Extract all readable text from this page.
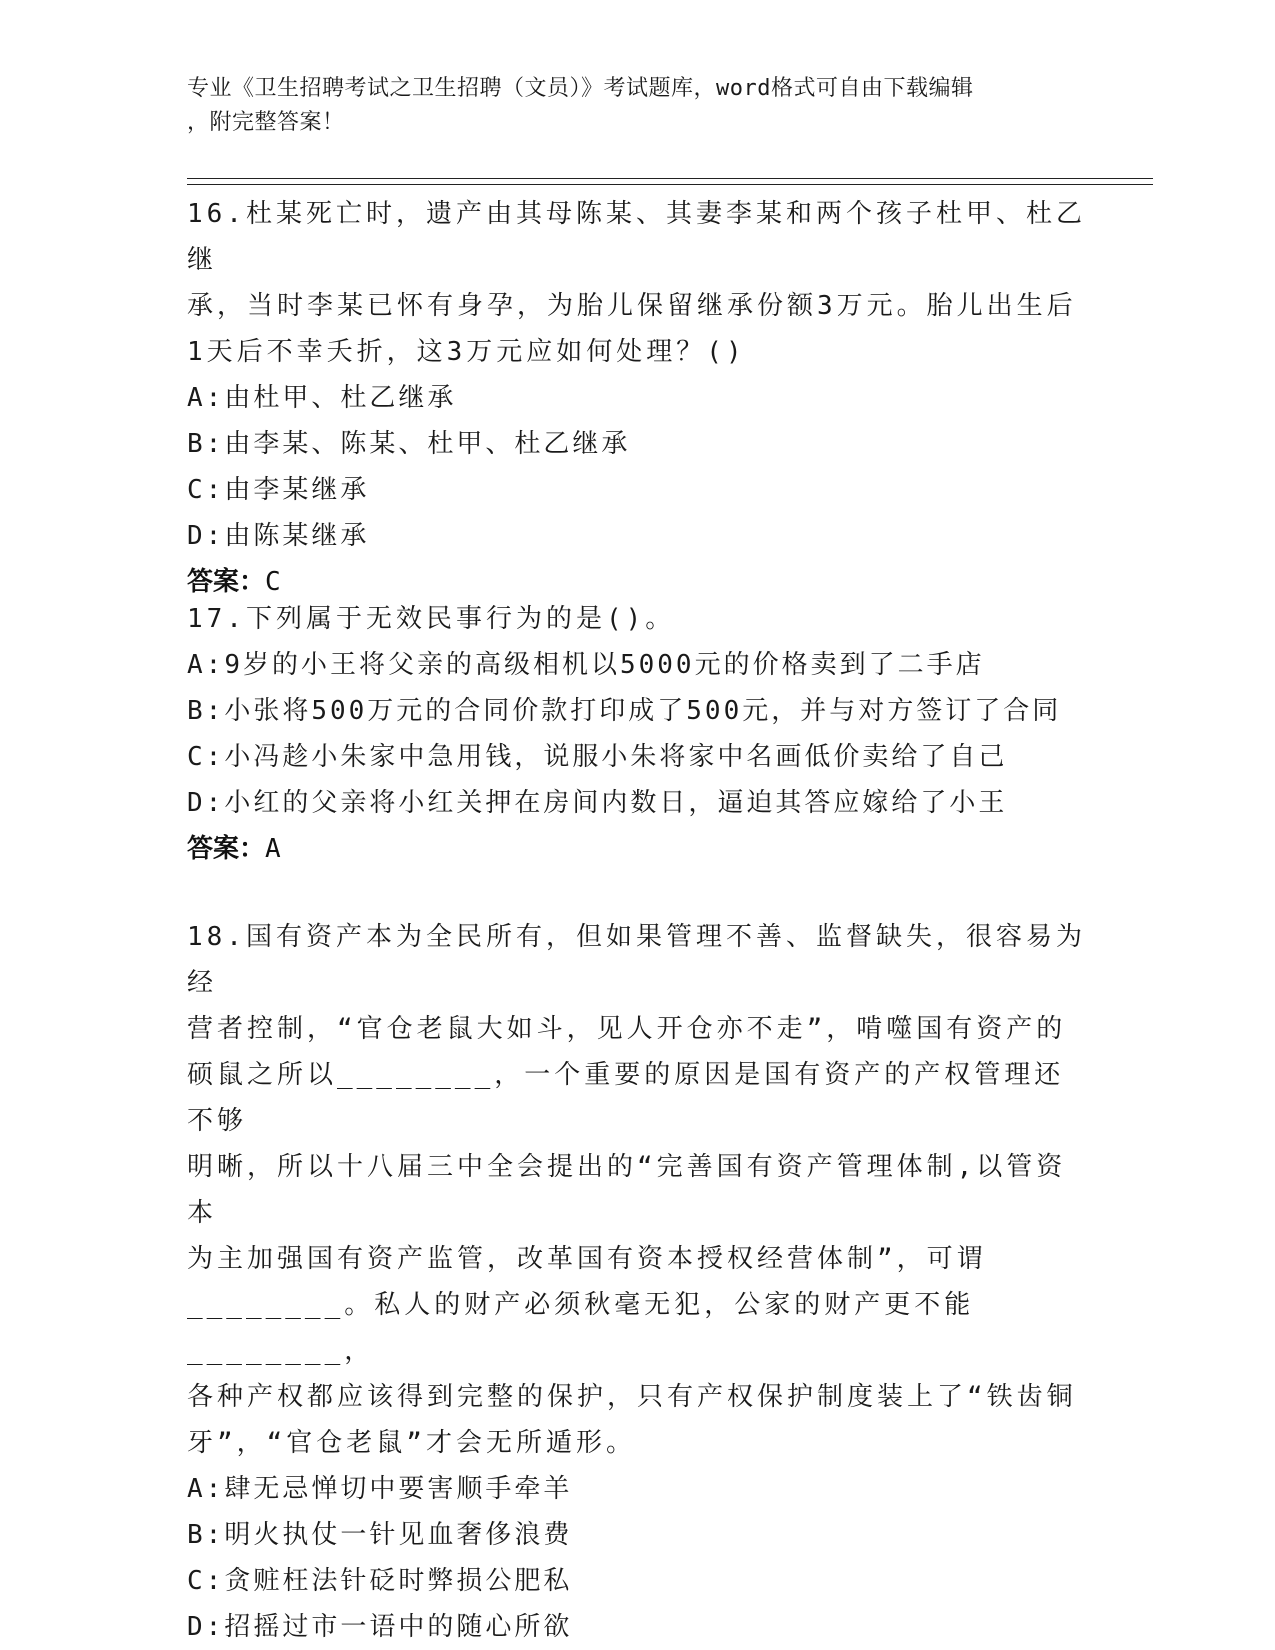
专业《卫生招聘考试之卫生招聘（文员）》考试题库，word格式可自由下载编辑
，附完整答案！

16.杜某死亡时，遗产由其母陈某、其妻李某和两个孩子杜甲、杜乙继

承，当时李某已怀有身孕，为胎儿保留继承份额3万元。胎儿出生后

1天后不幸夭折，这3万元应如何处理？()

A:由杜甲、杜乙继承

B:由李某、陈某、杜甲、杜乙继承

C:由李某继承

D:由陈某继承

答案：C

17.下列属于无效民事行为的是()。

A:9岁的小王将父亲的高级相机以5000元的价格卖到了二手店

B:小张将500万元的合同价款打印成了500元，并与对方签订了合同

C:小冯趁小朱家中急用钱，说服小朱将家中名画低价卖给了自己

D:小红的父亲将小红关押在房间内数日，逼迫其答应嫁给了小王

答案：A

18.国有资产本为全民所有，但如果管理不善、监督缺失，很容易为经

营者控制，“官仓老鼠大如斗，见人开仓亦不走”，啃噬国有资产的

硕鼠之所以________，一个重要的原因是国有资产的产权管理还不够

明晰，所以十八届三中全会提出的“完善国有资产管理体制,以管资本

为主加强国有资产监管，改革国有资本授权经营体制”，可谓

________。私人的财产必须秋毫无犯，公家的财产更不能________，

各种产权都应该得到完整的保护，只有产权保护制度装上了“铁齿铜

牙”，“官仓老鼠”才会无所遁形。

A:肆无忌惮切中要害顺手牵羊

B:明火执仗一针见血奢侈浪费

C:贪赃枉法针砭时弊损公肥私

D:招摇过市一语中的随心所欲
